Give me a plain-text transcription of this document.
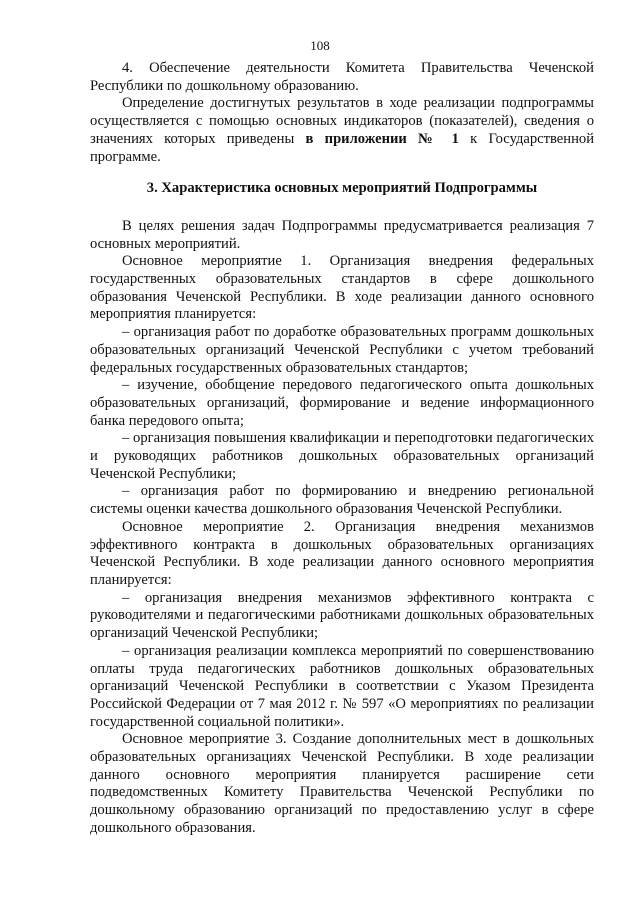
108

4. Обеспечение деятельности Комитета Правительства Чеченской Республики по дошкольному образованию.

Определение достигнутых результатов в ходе реализации подпрограммы осуществляется с помощью основных индикаторов (показателей), сведения о значениях которых приведены в приложении № 1 к Государственной программе.

3. Характеристика основных мероприятий Подпрограммы

В целях решения задач Подпрограммы предусматривается реализация 7 основных мероприятий.

Основное мероприятие 1. Организация внедрения федеральных государственных образовательных стандартов в сфере дошкольного образования Чеченской Республики. В ходе реализации данного основного мероприятия планируется:

– организация работ по доработке образовательных программ дошкольных образовательных организаций Чеченской Республики с учетом требований федеральных государственных образовательных стандартов;

– изучение, обобщение передового педагогического опыта дошкольных образовательных организаций, формирование и ведение информационного банка передового опыта;

– организация повышения квалификации и переподготовки педагогических и руководящих работников дошкольных образовательных организаций Чеченской Республики;

– организация работ по формированию и внедрению региональной системы оценки качества дошкольного образования Чеченской Республики.

Основное мероприятие 2. Организация внедрения механизмов эффективного контракта в дошкольных образовательных организациях Чеченской Республики. В ходе реализации данного основного мероприятия планируется:

– организация внедрения механизмов эффективного контракта с руководителями и педагогическими работниками дошкольных образовательных организаций Чеченской Республики;

– организация реализации комплекса мероприятий по совершенствованию оплаты труда педагогических работников дошкольных образовательных организаций Чеченской Республики в соответствии с Указом Президента Российской Федерации от 7 мая 2012 г. № 597 «О мероприятиях по реализации государственной социальной политики».

Основное мероприятие 3. Создание дополнительных мест в дошкольных образовательных организациях Чеченской Республики. В ходе реализации данного основного мероприятия планируется расширение сети подведомственных Комитету Правительства Чеченской Республики по дошкольному образованию организаций по предоставлению услуг в сфере дошкольного образования.
